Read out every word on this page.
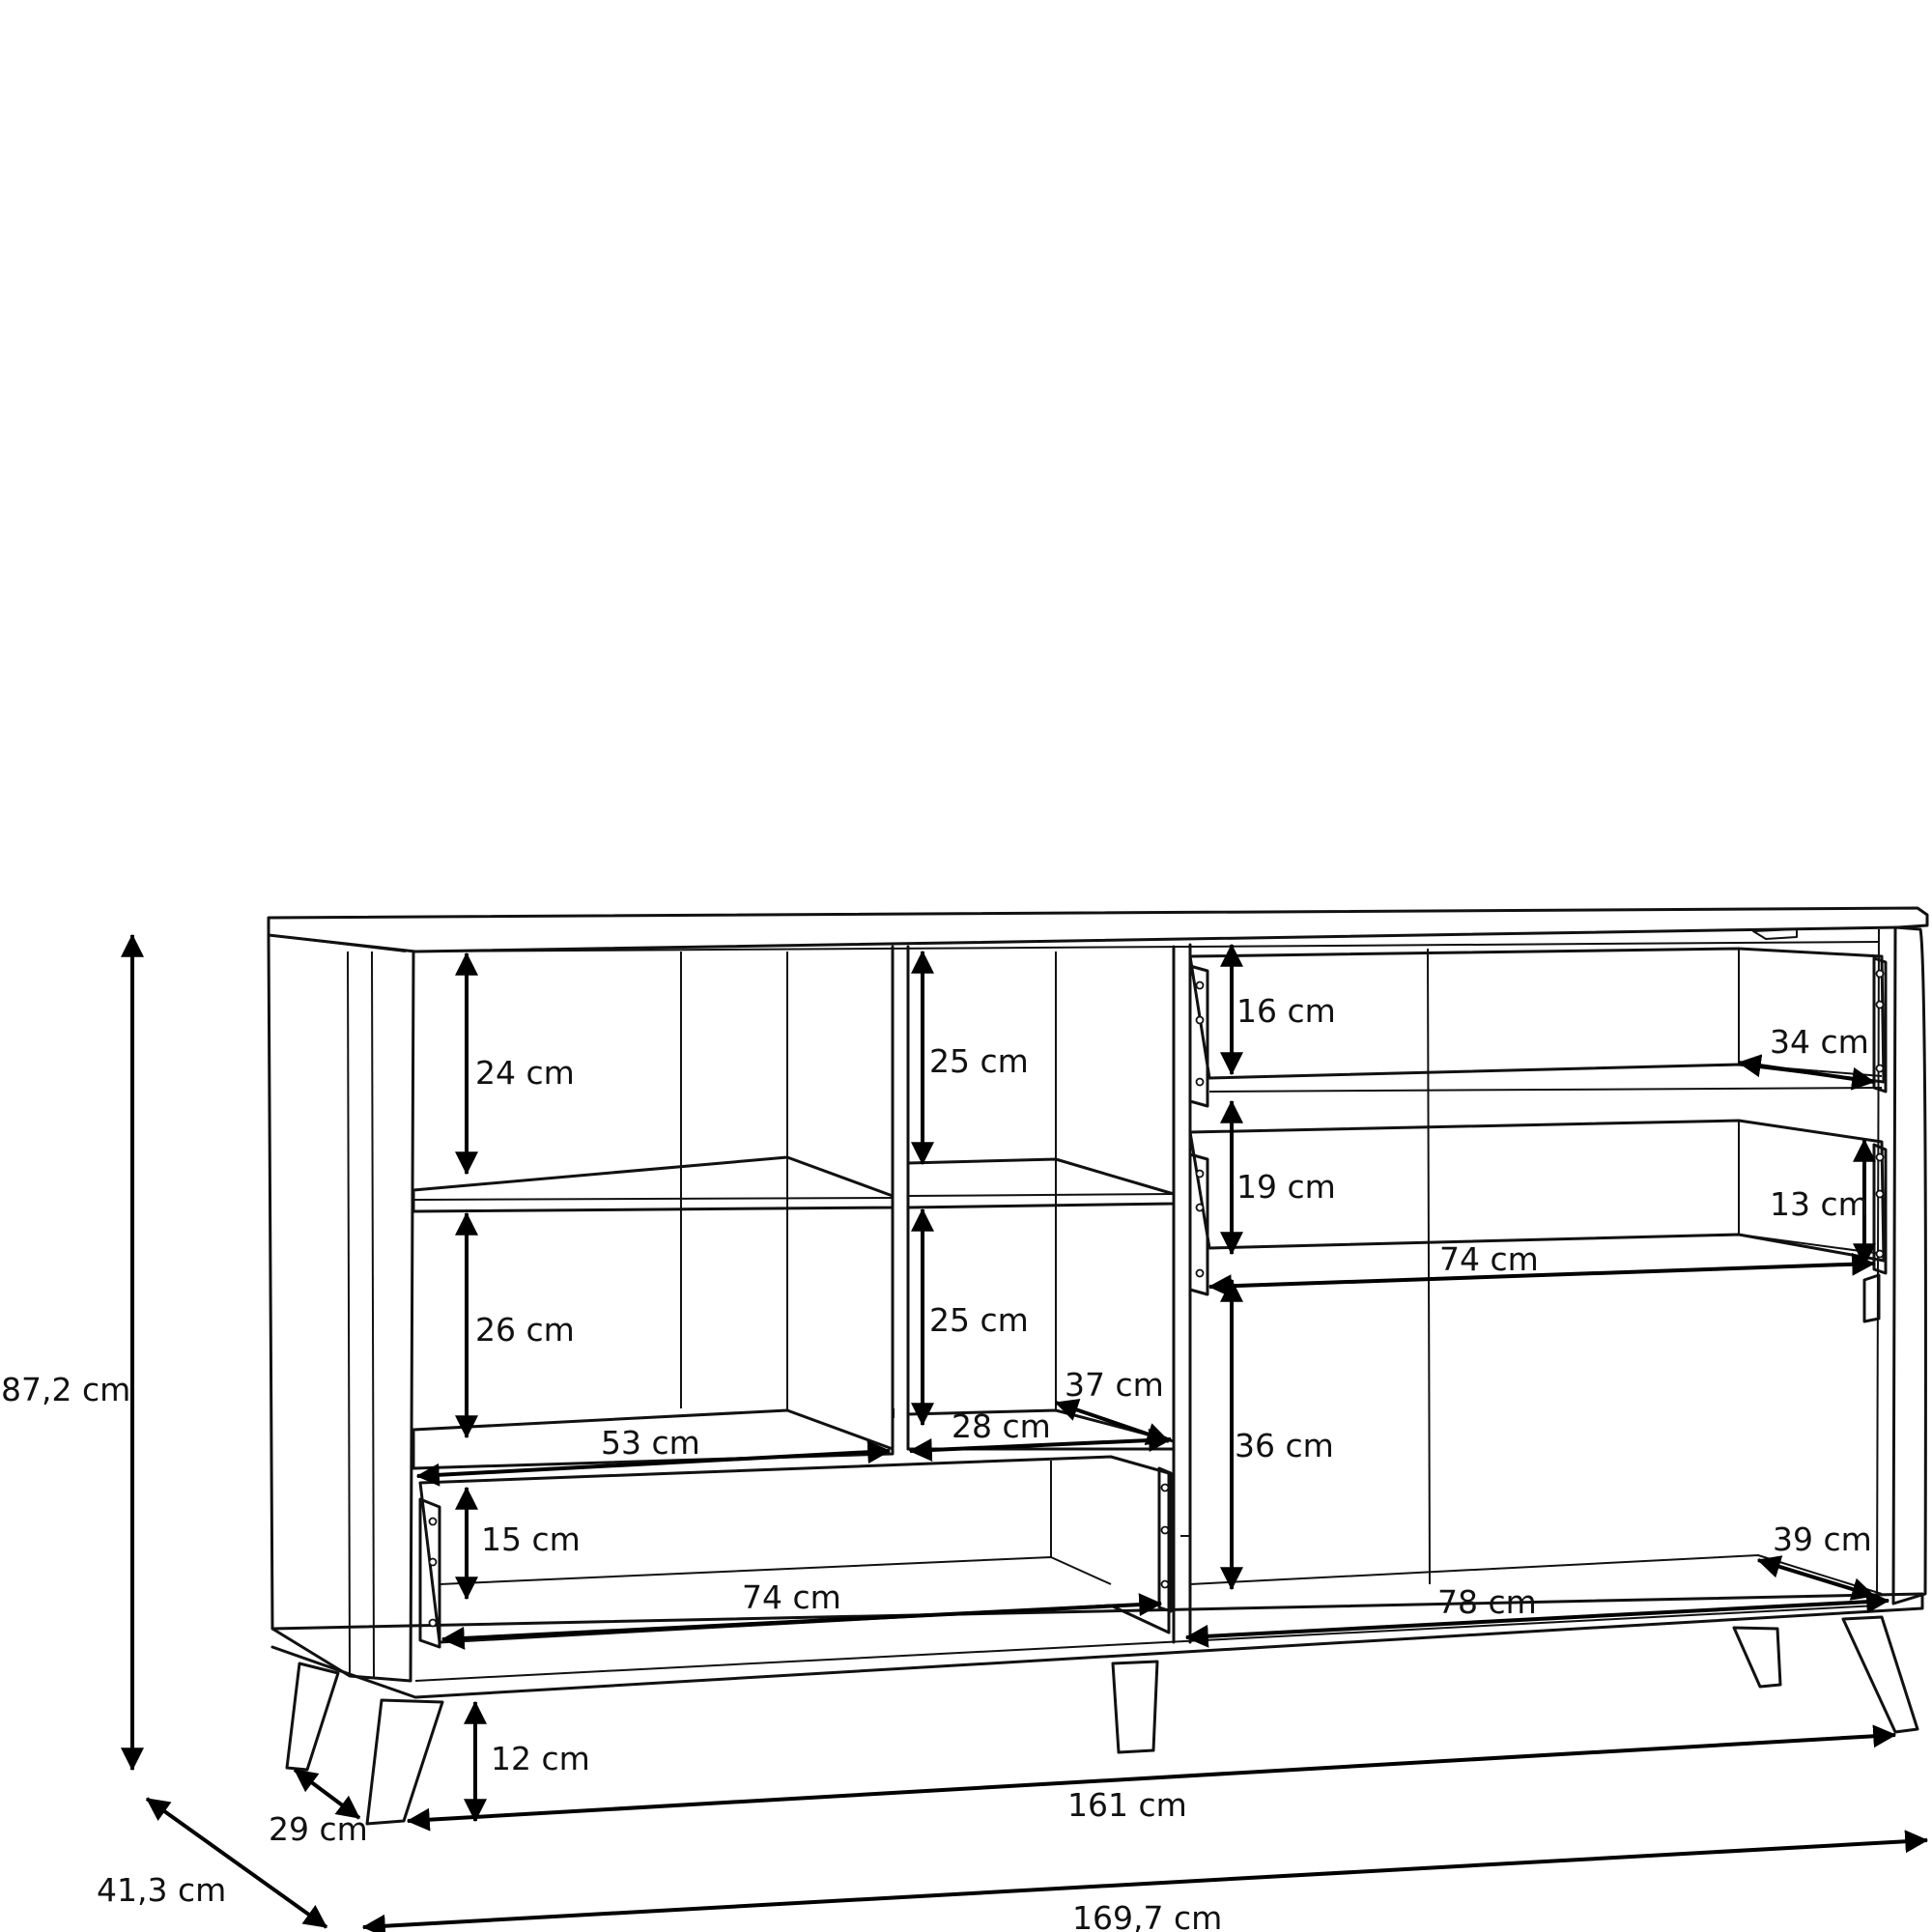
87,2 cm
41,3 cm
169,7 cm
161 cm
29 cm
12 cm
24 cm
26 cm
53 cm
25 cm
25 cm
28 cm
37 cm
15 cm
74 cm
16 cm
34 cm
19 cm	13 cm
74 cm
36 cm
39 cm
78 cm
